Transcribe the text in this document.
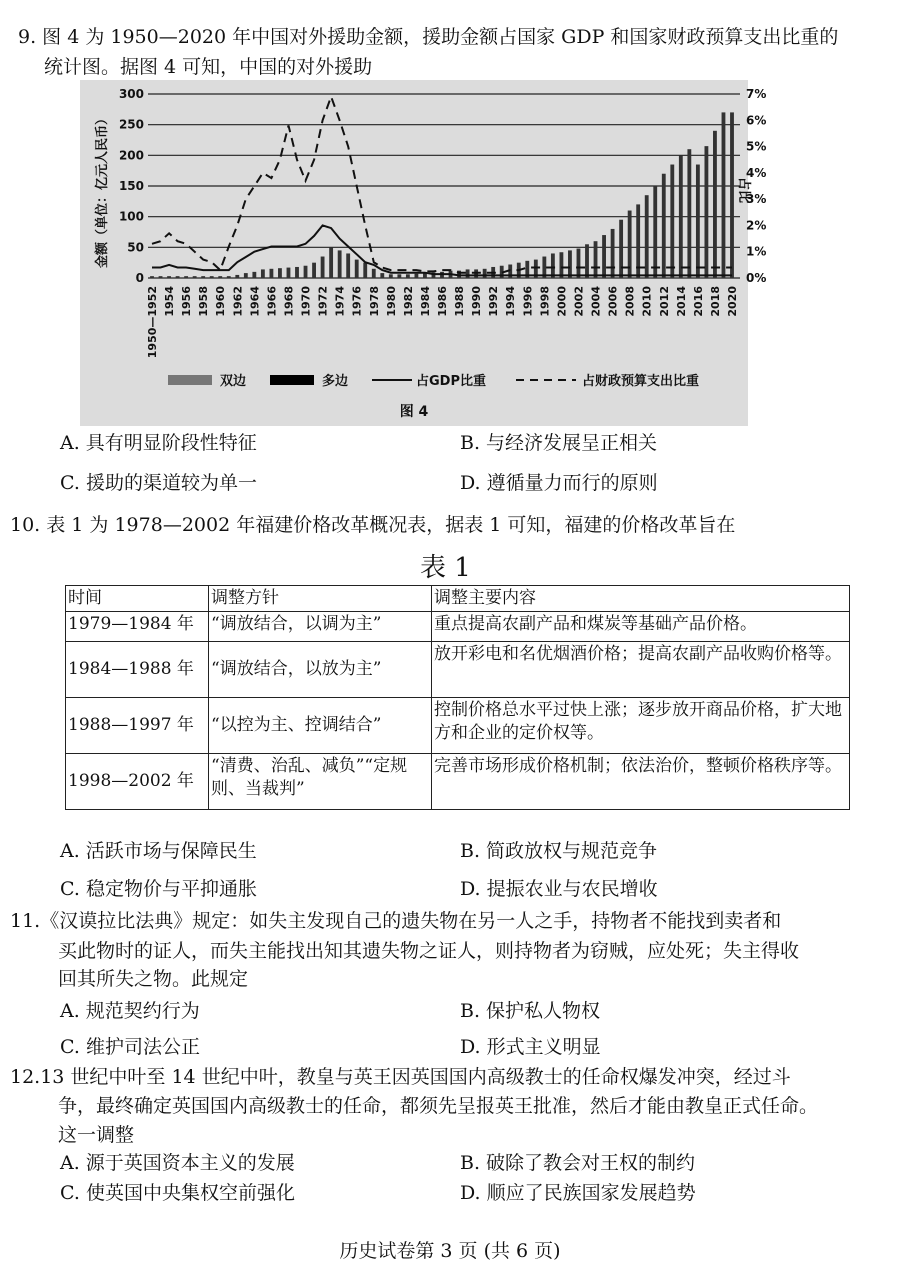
9. 图 4 为 1950—2020 年中国对外援助金额，援助金额占国家 GDP 和国家财政预算支出比重的
统计图。据图 4 可知，中国的对外援助
300
250
200
150
100
50
0
7%
6%
5%
4%
3%
2%
1%
0%
金额（单位：亿元人民币）	占比
1950—1952 1954 1956 1958 1960 1962 1964 1966 1968 1970 1972 1974 1976 1978 1980 1982 1984 1986 1988 1990 1992 1994 1996 1998 2000 2002 2004 2006 2008 2010 2012 2014 2016 2018 2020
双边	多边	占GDP比重	占财政预算支出比重
图 4
A. 具有明显阶段性特征	B. 与经济发展呈正相关
C. 援助的渠道较为单一	D. 遵循量力而行的原则
10. 表 1 为 1978—2002 年福建价格改革概况表，据表 1 可知，福建的价格改革旨在
表 1
时间	调整方针	调整主要内容
1979—1984 年	“调放结合，以调为主”	重点提高农副产品和煤炭等基础产品价格。
1984—1988 年	“调放结合，以放为主”	放开彩电和名优烟酒价格；提高农副产品收购价格等。
1988—1997 年	“以控为主、控调结合”	控制价格总水平过快上涨；逐步放开商品价格，扩大地方和企业的定价权等。
1998—2002 年	“清费、治乱、减负”“定规则、当裁判”	完善市场形成价格机制；依法治价，整顿价格秩序等。
A. 活跃市场与保障民生	B. 简政放权与规范竞争
C. 稳定物价与平抑通胀	D. 提振农业与农民增收
11.《汉谟拉比法典》规定：如失主发现自己的遗失物在另一人之手，持物者不能找到卖者和
买此物时的证人，而失主能找出知其遗失物之证人，则持物者为窃贼，应处死；失主得收
回其所失之物。此规定
A. 规范契约行为	B. 保护私人物权
C. 维护司法公正	D. 形式主义明显
12.13 世纪中叶至 14 世纪中叶，教皇与英王因英国国内高级教士的任命权爆发冲突，经过斗
争，最终确定英国国内高级教士的任命，都须先呈报英王批准，然后才能由教皇正式任命。
这一调整
A. 源于英国资本主义的发展	B. 破除了教会对王权的制约
C. 使英国中央集权空前强化	D. 顺应了民族国家发展趋势
历史试卷第 3 页 (共 6 页)
